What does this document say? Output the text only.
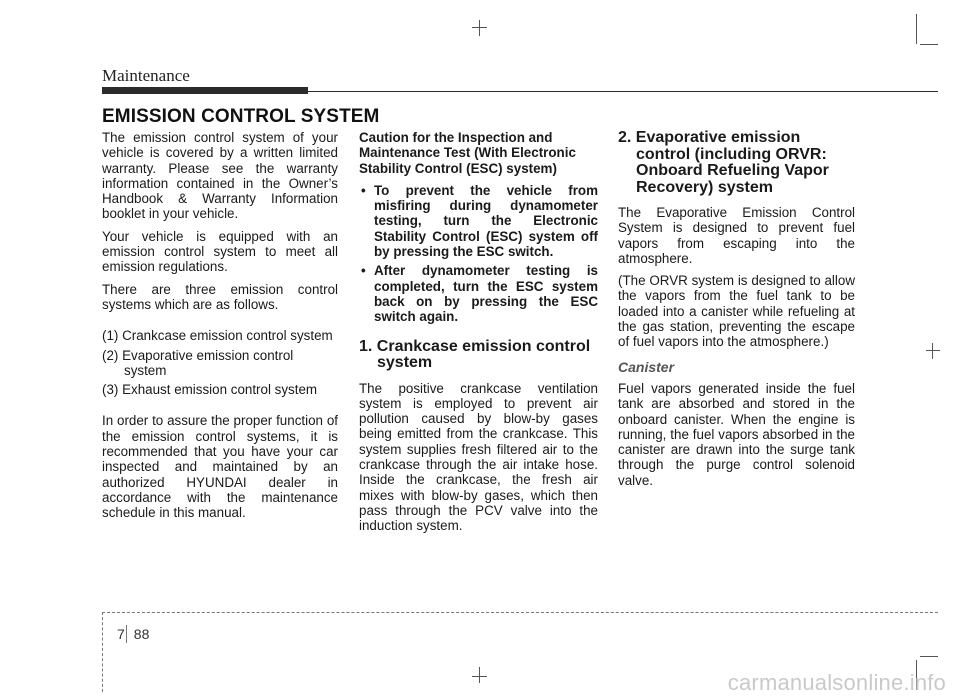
Maintenance
EMISSION CONTROL SYSTEM

The emission control system of your vehicle is covered by a written limited warranty. Please see the warranty information contained in the Owner’s Handbook & Warranty Information booklet in your vehicle.

Your vehicle is equipped with an emission control system to meet all emission regulations.

There are three emission control systems which are as follows.

(1) Crankcase emission control system
(2) Evaporative emission control system
(3) Exhaust emission control system

In order to assure the proper function of the emission control systems, it is recommended that you have your car inspected and maintained by an authorized HYUNDAI dealer in accordance with the maintenance schedule in this manual.

Caution for the Inspection and Maintenance Test (With Electronic Stability Control (ESC) system)

• To prevent the vehicle from misfiring during dynamometer testing, turn the Electronic Stability Control (ESC) system off by pressing the ESC switch.
• After dynamometer testing is completed, turn the ESC system back on by pressing the ESC switch again.
1. Crankcase emission control system

The positive crankcase ventilation system is employed to prevent air pollution caused by blow-by gases being emitted from the crankcase. This system supplies fresh filtered air to the crankcase through the air intake hose. Inside the crankcase, the fresh air mixes with blow-by gases, which then pass through the PCV valve into the induction system.

2. Evaporative emission control (including ORVR: Onboard Refueling Vapor Recovery) system

The Evaporative Emission Control System is designed to prevent fuel vapors from escaping into the atmosphere.

(The ORVR system is designed to allow the vapors from the fuel tank to be loaded into a canister while refueling at the gas station, preventing the escape of fuel vapors into the atmosphere.)

Canister

Fuel vapors generated inside the fuel tank are absorbed and stored in the onboard canister. When the engine is running, the fuel vapors absorbed in the canister are drawn into the surge tank through the purge control solenoid valve.

7 88
carmanualsonline.info
